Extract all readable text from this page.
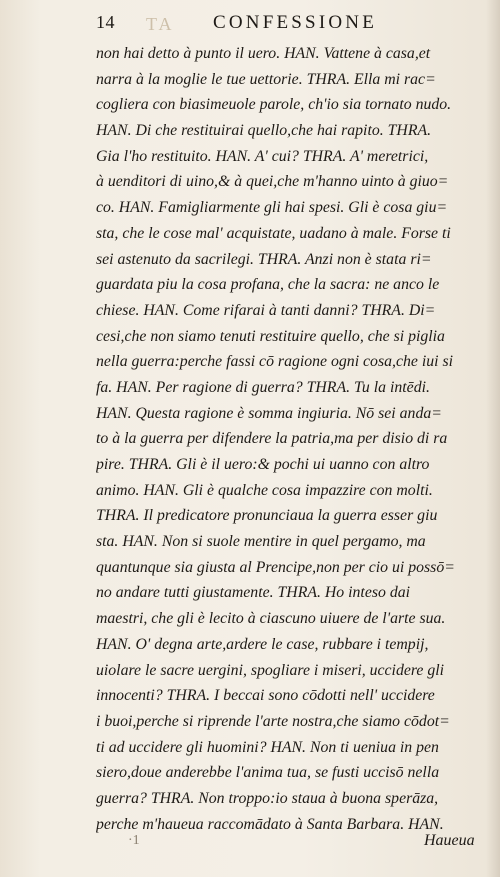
14 TA CONFESSIONE
non hai detto à punto il uero. HAN. Vattene à casa,et
narra à la moglie le tue uettorie. THRA. Ella mi rac=
cogliera con biasimeuole parole, ch'io sia tornato nudo.
HAN. Di che restituirai quello,che hai rapito. THRA.
Gia l'ho restituito. HAN. A' cui? THRA. A' meretrici,
à uenditori di uino,& à quei,che m'hanno uinto à giuo=
co. HAN. Famigliarmente gli hai spesi. Gli è cosa giu=
sta, che le cose mal' acquistate, uadano à male. Forse ti
sei astenuto da sacrilegi. THRA. Anzi non è stata ri=
guardata piu la cosa profana, che la sacra: ne anco le
chiese. HAN. Come rifarai à tanti danni? THRA. Di=
cesi,che non siamo tenuti restituire quello, che si piglia
nella guerra:perche fassi cō ragione ogni cosa,che iui si
fa. HAN. Per ragione di guerra? THRA. Tu la intēdi.
HAN. Questa ragione è somma ingiuria. Nō sei anda=
to à la guerra per difendere la patria,ma per disio di ra
pire. THRA. Gli è il uero:& pochi ui uanno con altro
animo. HAN. Gli è qualche cosa impazzire con molti.
THRA. Il predicatore pronunciaua la guerra esser giu
sta. HAN. Non si suole mentire in quel pergamo, ma
quantunque sia giusta al Prencipe,non per cio ui possō=
no andare tutti giustamente. THRA. Ho inteso dai
maestri, che gli è lecito à ciascuno uiuere de l'arte sua.
HAN. O' degna arte,ardere le case, rubbare i tempij,
uiolare le sacre uergini, spogliare i miseri, uccidere gli
innocenti? THRA. I beccai sono cōdotti nell' uccidere
i buoi,perche si riprende l'arte nostra,che siamo cōdot=
ti ad uccidere gli huomini? HAN. Non ti ueniua in pen
siero,doue anderebbe l'anima tua, se fusti uccisō nella
guerra? THRA. Non troppo:io staua à buona sperāza,
perche m'haueua raccomādato à Santa Barbara. HAN.
·1	Haueua
